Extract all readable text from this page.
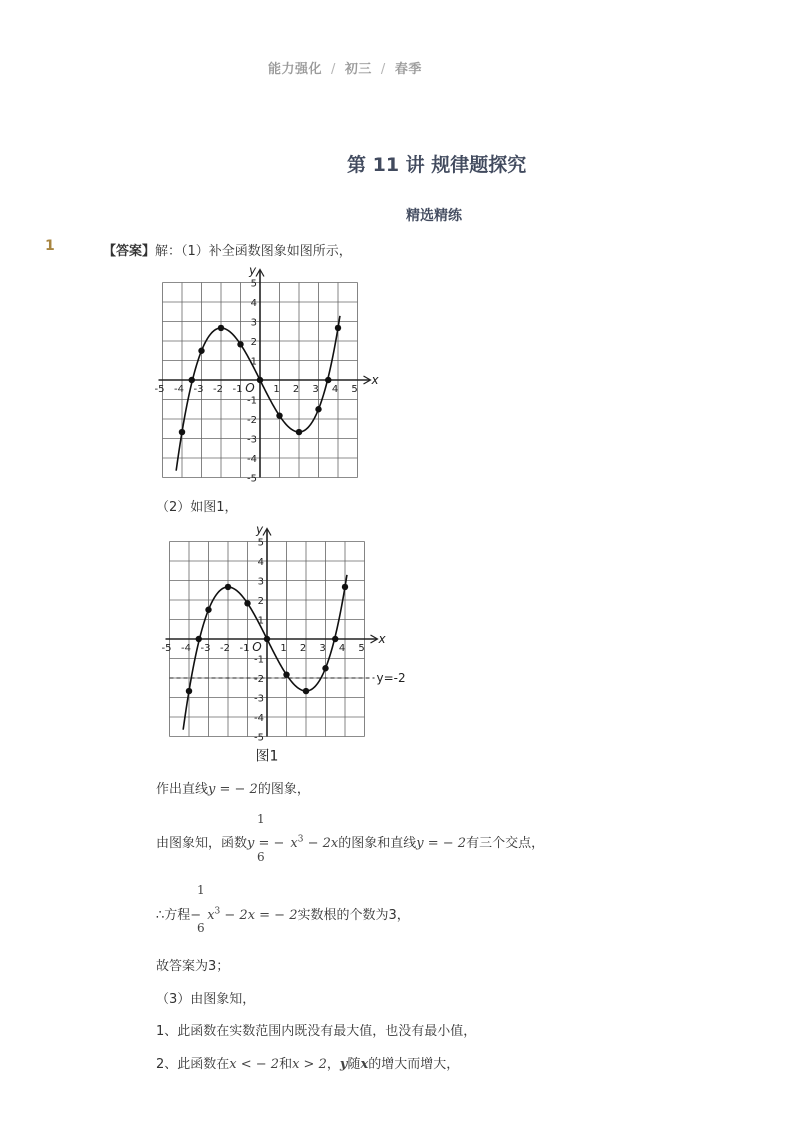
能力强化 / 初三 / 春季
第 11 讲 规律题探究
精选精练
1	【答案】解：（1）补全函数图象如图所示，
x
y
-5 -4 -3 -2 -1 O 1 2 3 4 5
5
4
3
2
1
-1
-2
-3
-4
-5
（2）如图1，
x
y
-5 -4 -3 -2 -1 O 1 2 3 4 5
5
4
3
2
1
-1
-2
-3
-4
-5
y=-2
图1
作出直线y = − 2的图象，
1
6
由图象知，函数y = − $x^3 - 2x$的图象和直线y = − 2有三个交点，
1
6
∴方程− $x^3 - 2x$ = − 2实数根的个数为3，
故答案为3；
（3）由图象知，
1、此函数在实数范围内既没有最大值，也没有最小值，
2、此函数在x < − 2和x > 2，y随x的增大而增大，
